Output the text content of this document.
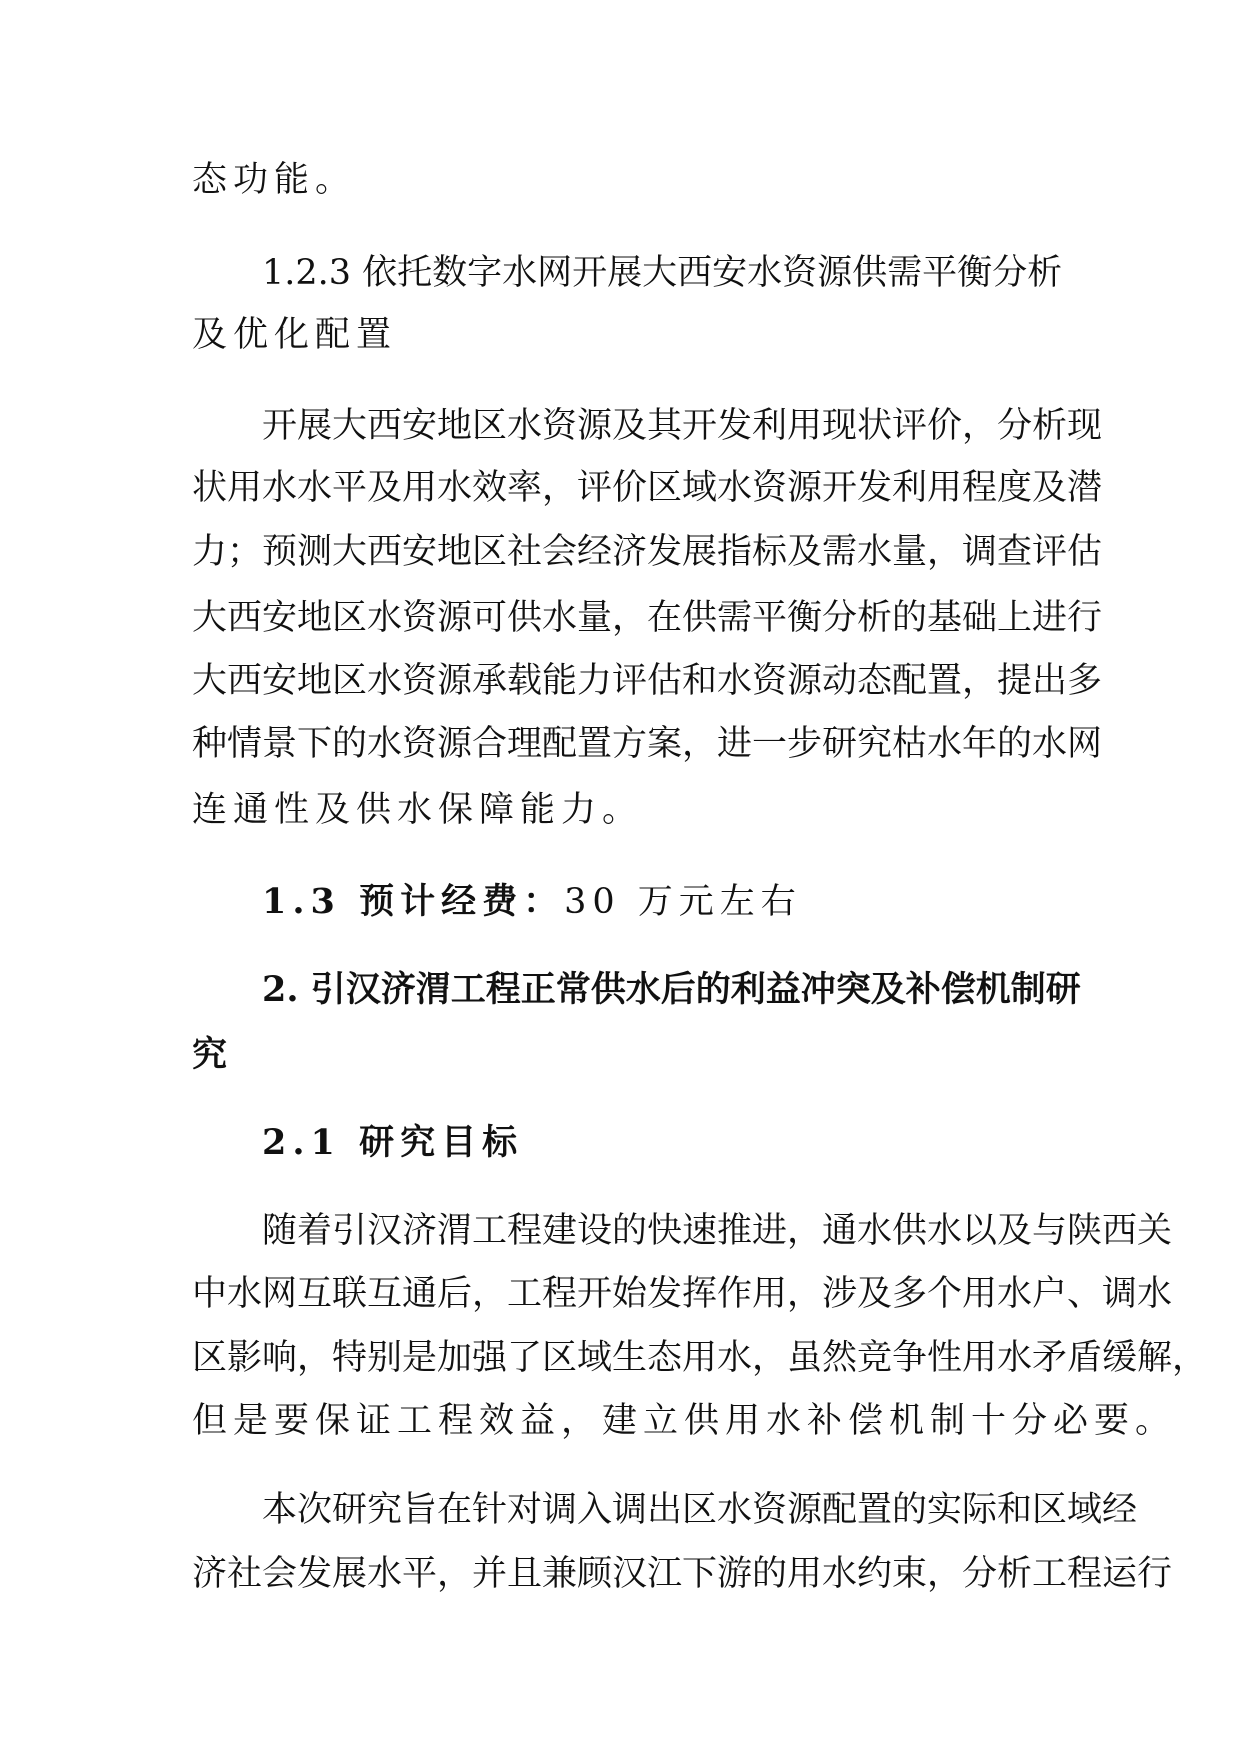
态功能。
1.2.3 依托数字水网开展大西安水资源供需平衡分析
及优化配置
开展大西安地区水资源及其开发利用现状评价，分析现
状用水水平及用水效率，评价区域水资源开发利用程度及潜
力；预测大西安地区社会经济发展指标及需水量，调查评估
大西安地区水资源可供水量，在供需平衡分析的基础上进行
大西安地区水资源承载能力评估和水资源动态配置，提出多
种情景下的水资源合理配置方案，进一步研究枯水年的水网
连通性及供水保障能力。
1.3 预计经费：30 万元左右
2. 引汉济渭工程正常供水后的利益冲突及补偿机制研
究
2.1 研究目标
随着引汉济渭工程建设的快速推进，通水供水以及与陕西关
中水网互联互通后，工程开始发挥作用，涉及多个用水户、调水
区影响，特别是加强了区域生态用水，虽然竞争性用水矛盾缓解，
但是要保证工程效益，建立供用水补偿机制十分必要。
本次研究旨在针对调入调出区水资源配置的实际和区域经
济社会发展水平，并且兼顾汉江下游的用水约束，分析工程运行
